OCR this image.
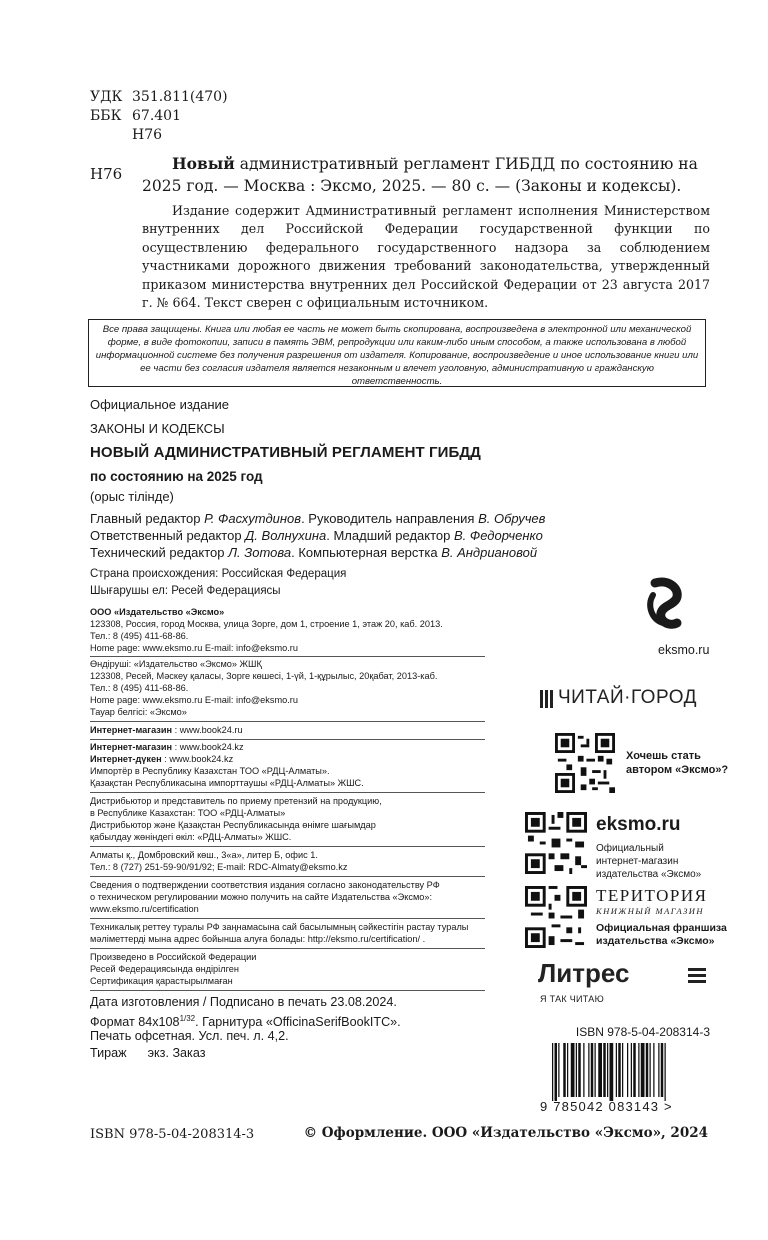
УДК 351.811(470)
ББК 67.401
Н76
Н76
Новый административный регламент ГИБДД по состоянию на
2025 год. — Москва : Эксмо, 2025. — 80 с. — (Законы и кодексы).
Издание содержит Административный регламент исполнения Министерством внутренних дел Российской Федерации государственной функции по осуществлению федерального государственного надзора за соблюдением участниками дорожного движения требований законодательства, утвержденный приказом министерства внутренних дел Российской Федерации от 23 августа 2017 г. № 664. Текст сверен с официальным источником.
Все права защищены. Книга или любая ее часть не может быть скопирована, воспроизведена в электронной или механической форме, в виде фотокопии, записи в память ЭВМ, репродукции или каким-либо иным способом, а также использована в любой информационной системе без получения разрешения от издателя. Копирование, воспроизведение и иное использование книги или ее части без согласия издателя является незаконным и влечет уголовную, административную и гражданскую ответственность.
Официальное издание
ЗАКОНЫ И КОДЕКСЫ
НОВЫЙ АДМИНИСТРАТИВНЫЙ РЕГЛАМЕНТ ГИБДД
по состоянию на 2025 год
(орыс тілінде)
Главный редактор Р. Фасхутдинов. Руководитель направления В. Обручев
Ответственный редактор Д. Волнухина. Младший редактор В. Федорченко
Технический редактор Л. Зотова. Компьютерная верстка В. Андриановой
Страна происхождения: Российская Федерация
Шығарушы ел: Ресей Федерациясы
ООО «Издательство «Эксмо»
123308, Россия, город Москва, улица Зорге, дом 1, строение 1, этаж 20, каб. 2013.
Тел.: 8 (495) 411-68-86.
Home page: www.eksmo.ru E-mail: info@eksmo.ru
Өндіруші: «Издательство «Эксмо» ЖШҚ
123308, Ресей, Мәскеу қаласы, Зорге көшесі, 1-үй, 1-құрылыс, 20қабат, 2013-каб.
Тел.: 8 (495) 411-68-86.
Home page: www.eksmo.ru E-mail: info@eksmo.ru
Тауар белгісі: «Эксмо»
Интернет-магазин : www.book24.ru
Интернет-магазин : www.book24.kz
Интернет-дүкен : www.book24.kz
Импортёр в Республику Казахстан ТОО «РДЦ-Алматы».
Қазақстан Республикасына импорттаушы «РДЦ-Алматы» ЖШС.
Дистрибьютор и представитель по приему претензий на продукцию,
в Республике Казахстан: ТОО «РДЦ-Алматы»
Дистрибьютор және Қазақстан Республикасында өнімге шағымдар
қабылдау жөніндегі өкіл: «РДЦ-Алматы» ЖШС.
Алматы қ., Домбровский көш., 3«а», литер Б, офис 1.
Тел.: 8 (727) 251-59-90/91/92; E-mail: RDC-Almaty@eksmo.kz
Сведения о подтверждении соответствия издания согласно законодательству РФ
о техническом регулировании можно получить на сайте Издательства «Эксмо»:
www.eksmo.ru/certification
Техникалық реттеу туралы РФ заңнамасына сай басылымның сәйкестігін растау туралы
мәліметтерді мына адрес бойынша алуға болады: http://eksmo.ru/certification/ .
Произведено в Российской Федерации
Ресей Федерациясында өндірілген
Сертификация қарастырылмаған
Дата изготовления / Подписано в печать 23.08.2024.
Формат $84x108^{1/32}$. Гарнитура «OfficinaSerifBookITC».
Печать офсетная. Усл. печ. л. 4,2.
Тираж      экз. Заказ
ISBN 978-5-04-208314-3	© Оформление. ООО «Издательство «Эксмо», 2024
eksmo.ru
ЧИТАЙ·ГОРОД
Хочешь стать
автором «Эксмо»?
eksmo.ru
Официальный
интернет-магазин
издательства «Эксмо»
ТЕРИТОРИЯ
КНИЖНЫЙ МАГАЗИН
Официальная франшиза
издательства «Эксмо»
Литрес
Я ТАК ЧИТАЮ
ISBN 978-5-04-208314-3
9 785042 083143 >
